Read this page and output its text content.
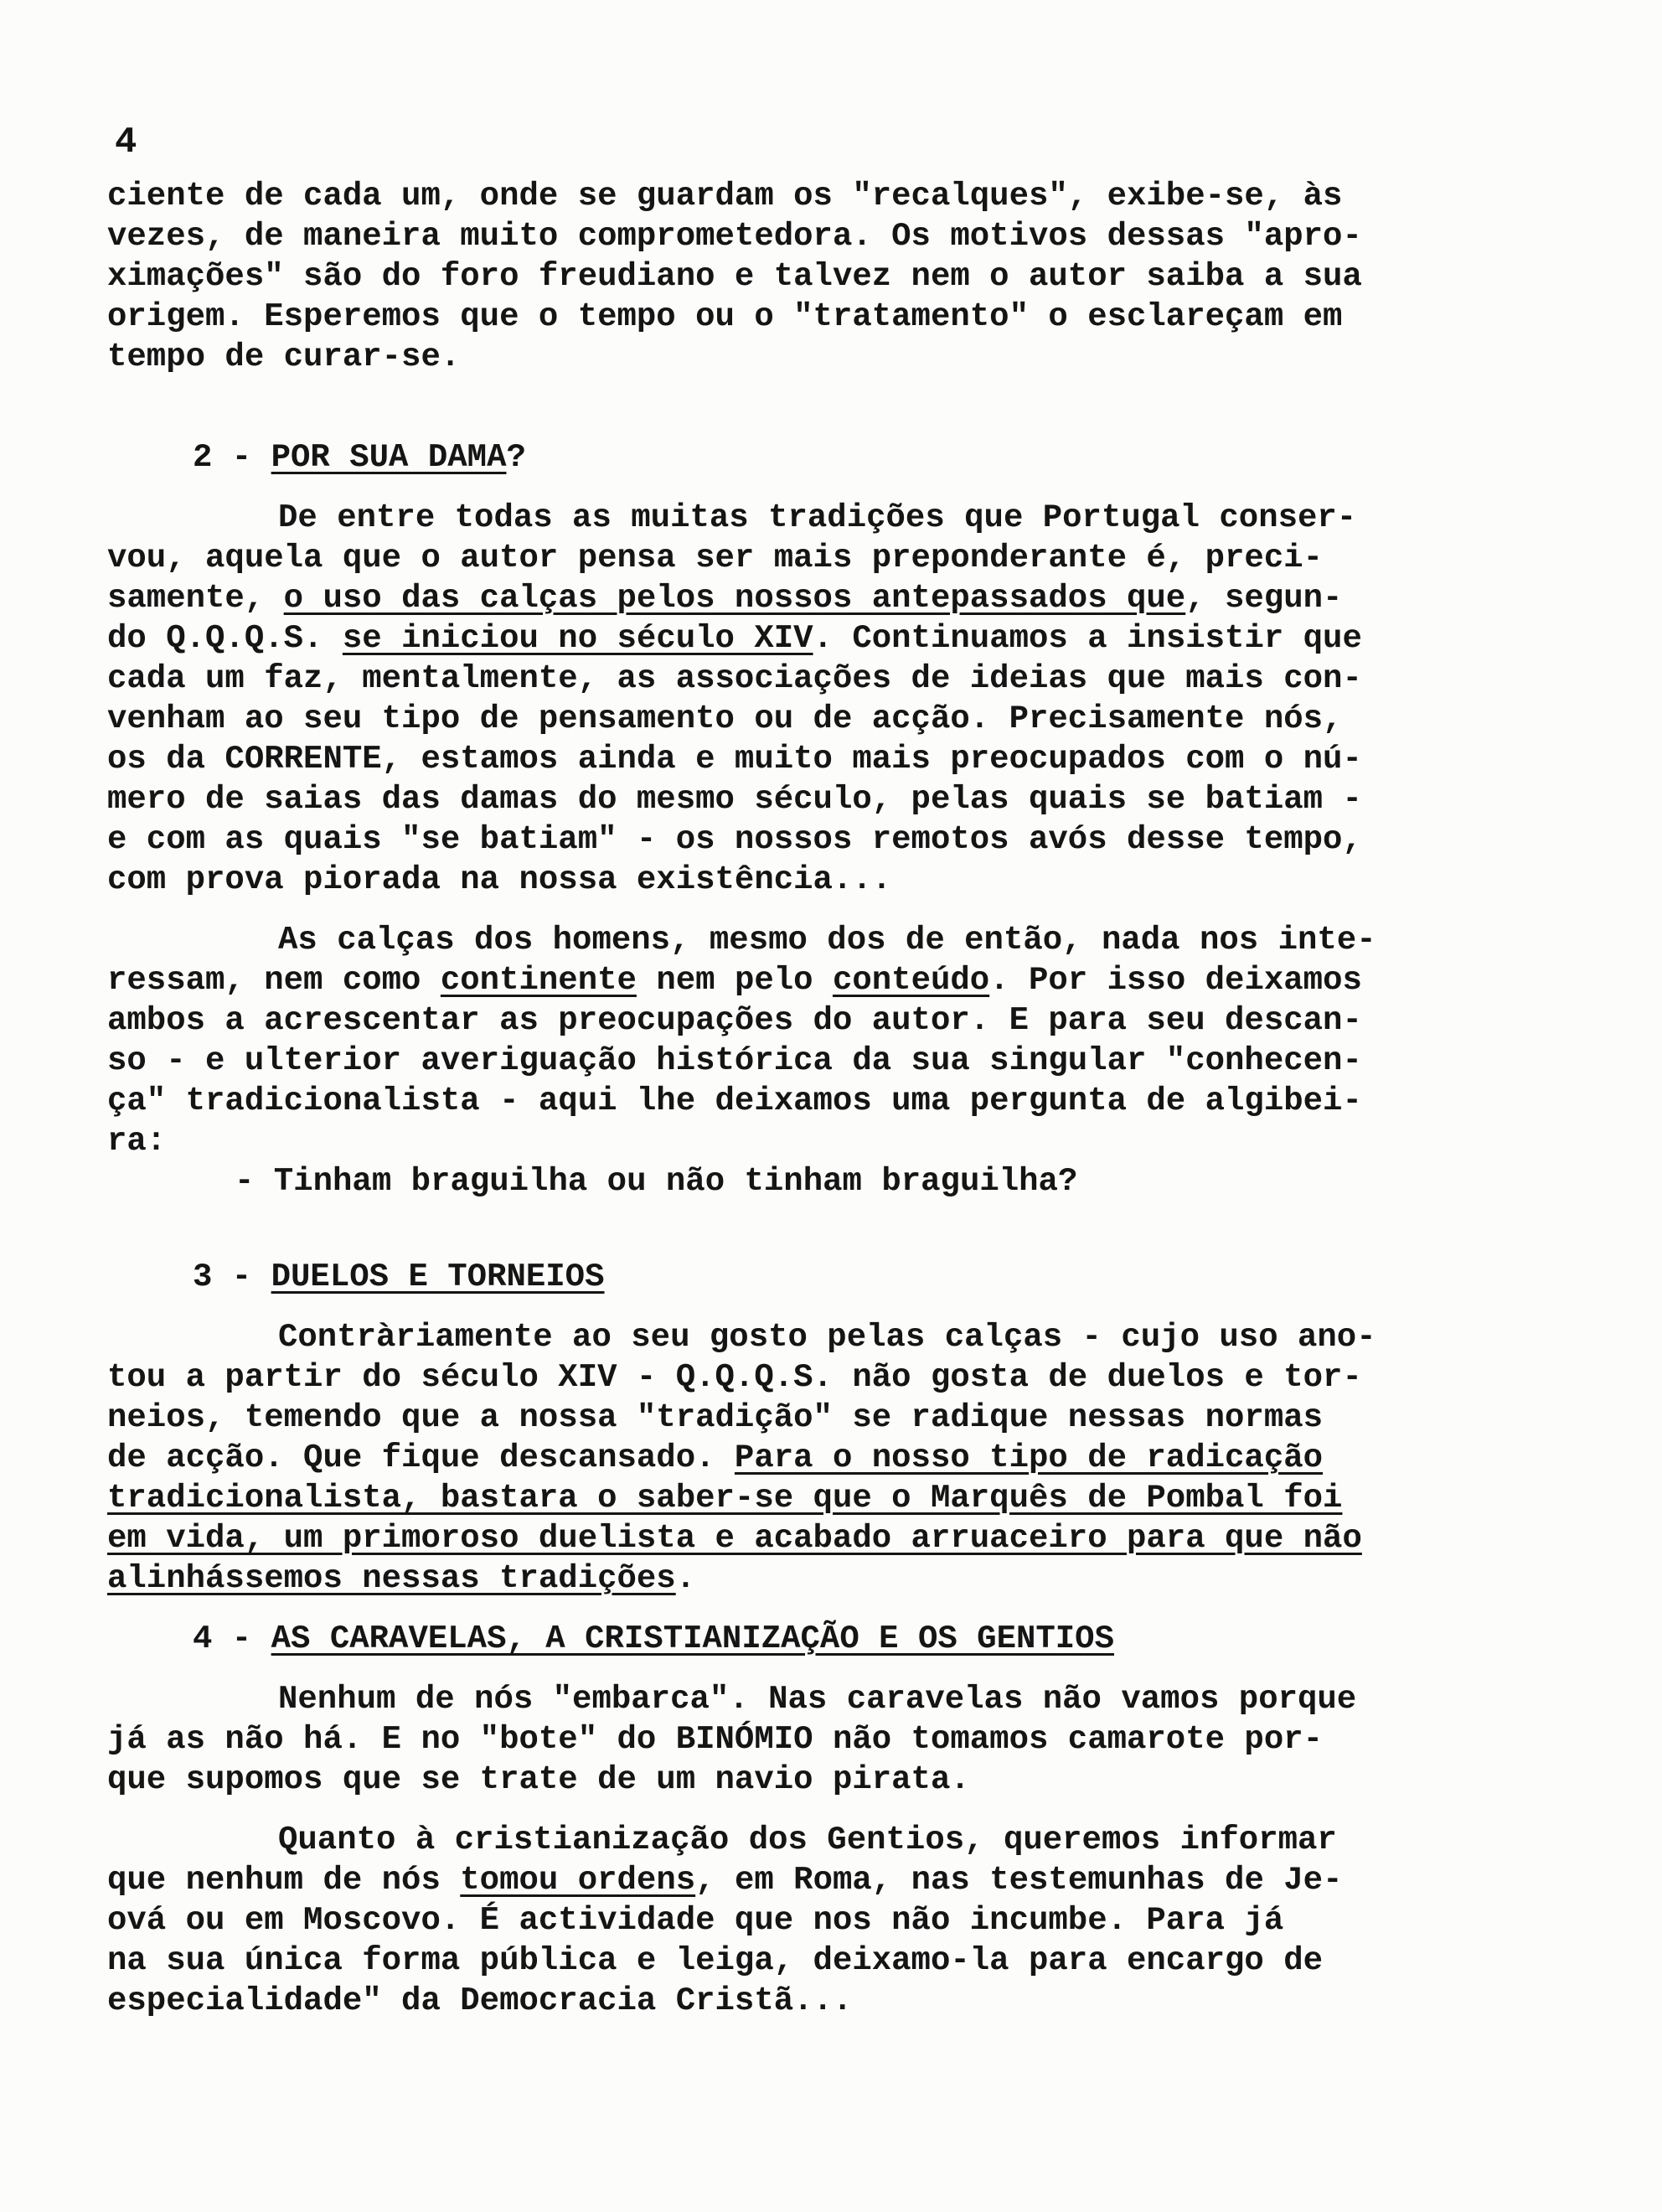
4
ciente de cada um, onde se guardam os "recalques", exibe-se, às
vezes, de maneira muito comprometedora. Os motivos dessas "apro-
ximações" são do foro freudiano e talvez nem o autor saiba a sua
origem. Esperemos que o tempo ou o "tratamento" o esclareçam em
tempo de curar-se.
2 - POR SUA DAMA?
De entre todas as muitas tradições que Portugal conser-
vou, aquela que o autor pensa ser mais preponderante é, preci-
samente, o uso das calças pelos nossos antepassados que, segun-
do Q.Q.Q.S. se iniciou no século XIV. Continuamos a insistir que
cada um faz, mentalmente, as associações de ideias que mais con-
venham ao seu tipo de pensamento ou de acção. Precisamente nós,
os da CORRENTE, estamos ainda e muito mais preocupados com o nú-
mero de saias das damas do mesmo século, pelas quais se batiam -
e com as quais "se batiam" - os nossos remotos avós desse tempo,
com prova piorada na nossa existência...
As calças dos homens, mesmo dos de então, nada nos inte-
ressam, nem como continente nem pelo conteúdo. Por isso deixamos
ambos a acrescentar as preocupações do autor. E para seu descan-
so - e ulterior averiguação histórica da sua singular "conhecen-
ça" tradicionalista - aqui lhe deixamos uma pergunta de algibei-
ra:
- Tinham braguilha ou não tinham braguilha?
3 - DUELOS E TORNEIOS
Contràriamente ao seu gosto pelas calças - cujo uso ano-
tou a partir do século XIV - Q.Q.Q.S. não gosta de duelos e tor-
neios, temendo que a nossa "tradição" se radique nessas normas
de acção. Que fique descansado. Para o nosso tipo de radicação
tradicionalista, bastara o saber-se que o Marquês de Pombal foi
em vida, um primoroso duelista e acabado arruaceiro para que não
alinhássemos nessas tradições.
4 - AS CARAVELAS, A CRISTIANIZAÇÃO E OS GENTIOS
Nenhum de nós "embarca". Nas caravelas não vamos porque
já as não há. E no "bote" do BINÓMIO não tomamos camarote por-
que supomos que se trate de um navio pirata.
Quanto à cristianização dos Gentios, queremos informar
que nenhum de nós tomou ordens, em Roma, nas testemunhas de Je-
ová ou em Moscovo. É actividade que nos não incumbe. Para já
na sua única forma pública e leiga, deixamo-la para encargo de
especialidade" da Democracia Cristã...
